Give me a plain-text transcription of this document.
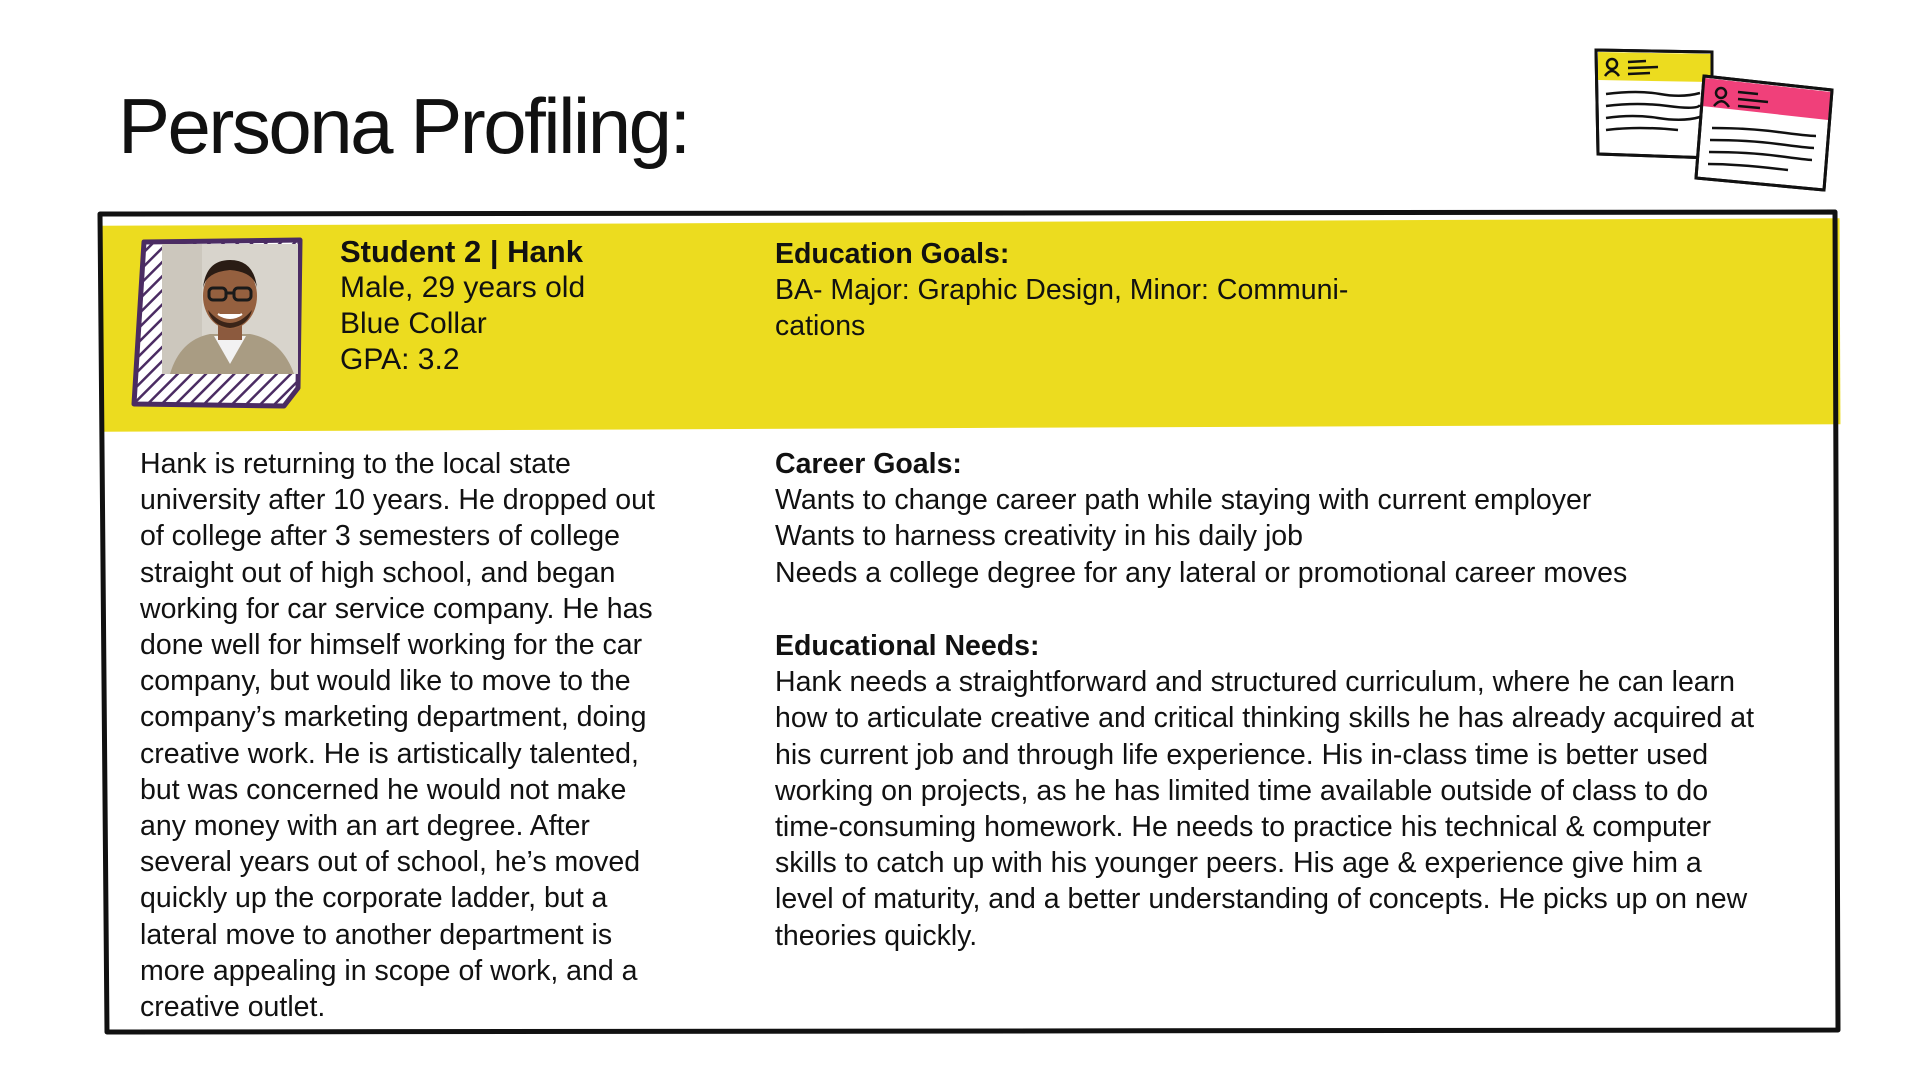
Persona Profiling:
Student 2 | Hank
Male, 29 years old
Blue Collar
GPA: 3.2
Education Goals:
BA- Major: Graphic Design, Minor: Communi-
cations
Hank is returning to the local state
university after 10 years. He dropped out
of college after 3 semesters of college
straight out of high school, and began
working for car service company. He has
done well for himself working for the car
company, but would like to move to the
company’s marketing department, doing
creative work. He is artistically talented,
but was concerned he would not make
any money with an art degree. After
several years out of school, he’s moved
quickly up the corporate ladder, but a
lateral move to another department is
more appealing in scope of work, and a
creative outlet.
Career Goals:
Wants to change career path while staying with current employer
Wants to harness creativity in his daily job
Needs a college degree for any lateral or promotional career moves
Educational Needs:
Hank needs a straightforward and structured curriculum, where he can learn
how to articulate creative and critical thinking skills he has already acquired at
his current job and through life experience. His in-class time is better used
working on projects, as he has limited time available outside of class to do
time-consuming homework. He needs to practice his technical & computer
skills to catch up with his younger peers. His age & experience give him a
level of maturity, and a better understanding of concepts. He picks up on new
theories quickly.
